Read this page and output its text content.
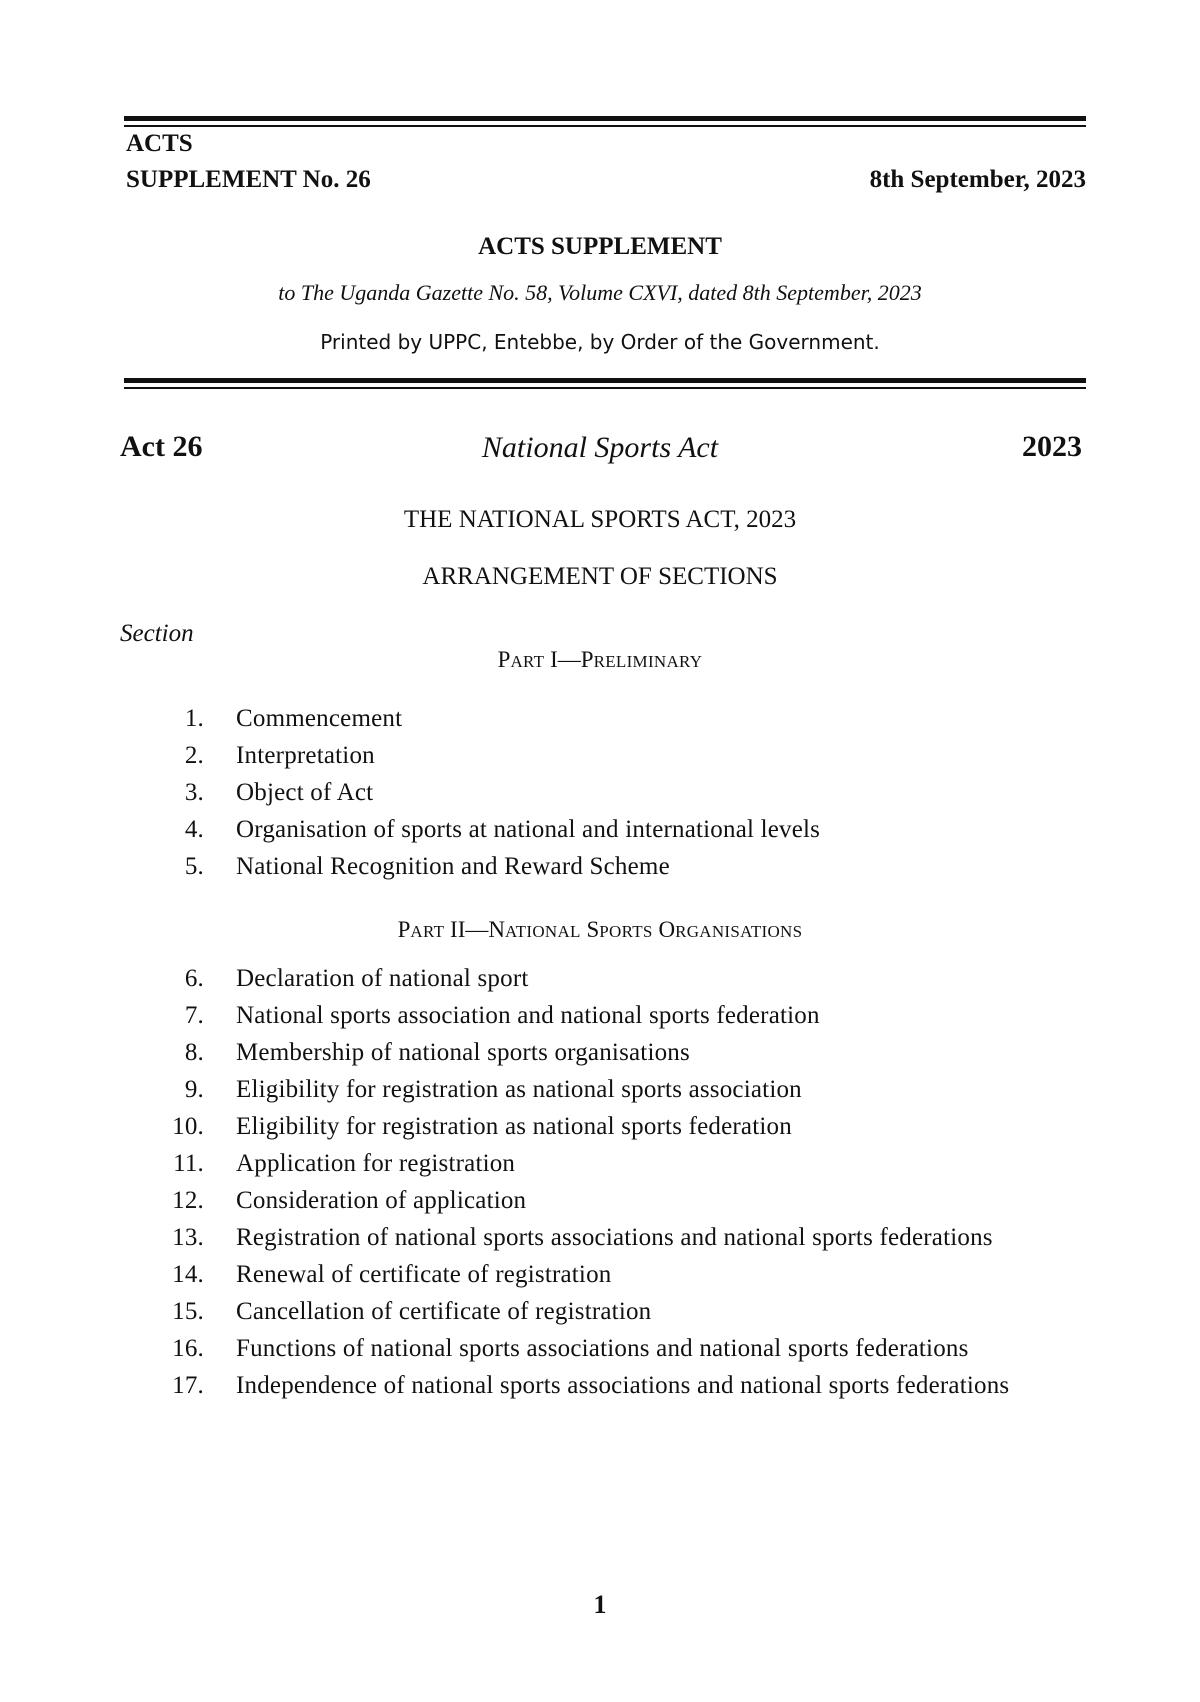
ACTS
SUPPLEMENT No. 26	8th September, 2023
ACTS SUPPLEMENT
to The Uganda Gazette No. 58, Volume CXVI, dated 8th September, 2023
Printed by UPPC, Entebbe, by Order of the Government.
Act 26	National Sports Act	2023
THE NATIONAL SPORTS ACT, 2023
ARRANGEMENT OF SECTIONS
Section
PART I—PRELIMINARY
1. Commencement
2. Interpretation
3. Object of Act
4. Organisation of sports at national and international levels
5. National Recognition and Reward Scheme
PART II—NATIONAL SPORTS ORGANISATIONS
6. Declaration of national sport
7. National sports association and national sports federation
8. Membership of national sports organisations
9. Eligibility for registration as national sports association
10. Eligibility for registration as national sports federation
11. Application for registration
12. Consideration of application
13. Registration of national sports associations and national sports federations
14. Renewal of certificate of registration
15. Cancellation of certificate of registration
16. Functions of national sports associations and national sports federations
17. Independence of national sports associations and national sports federations
1
